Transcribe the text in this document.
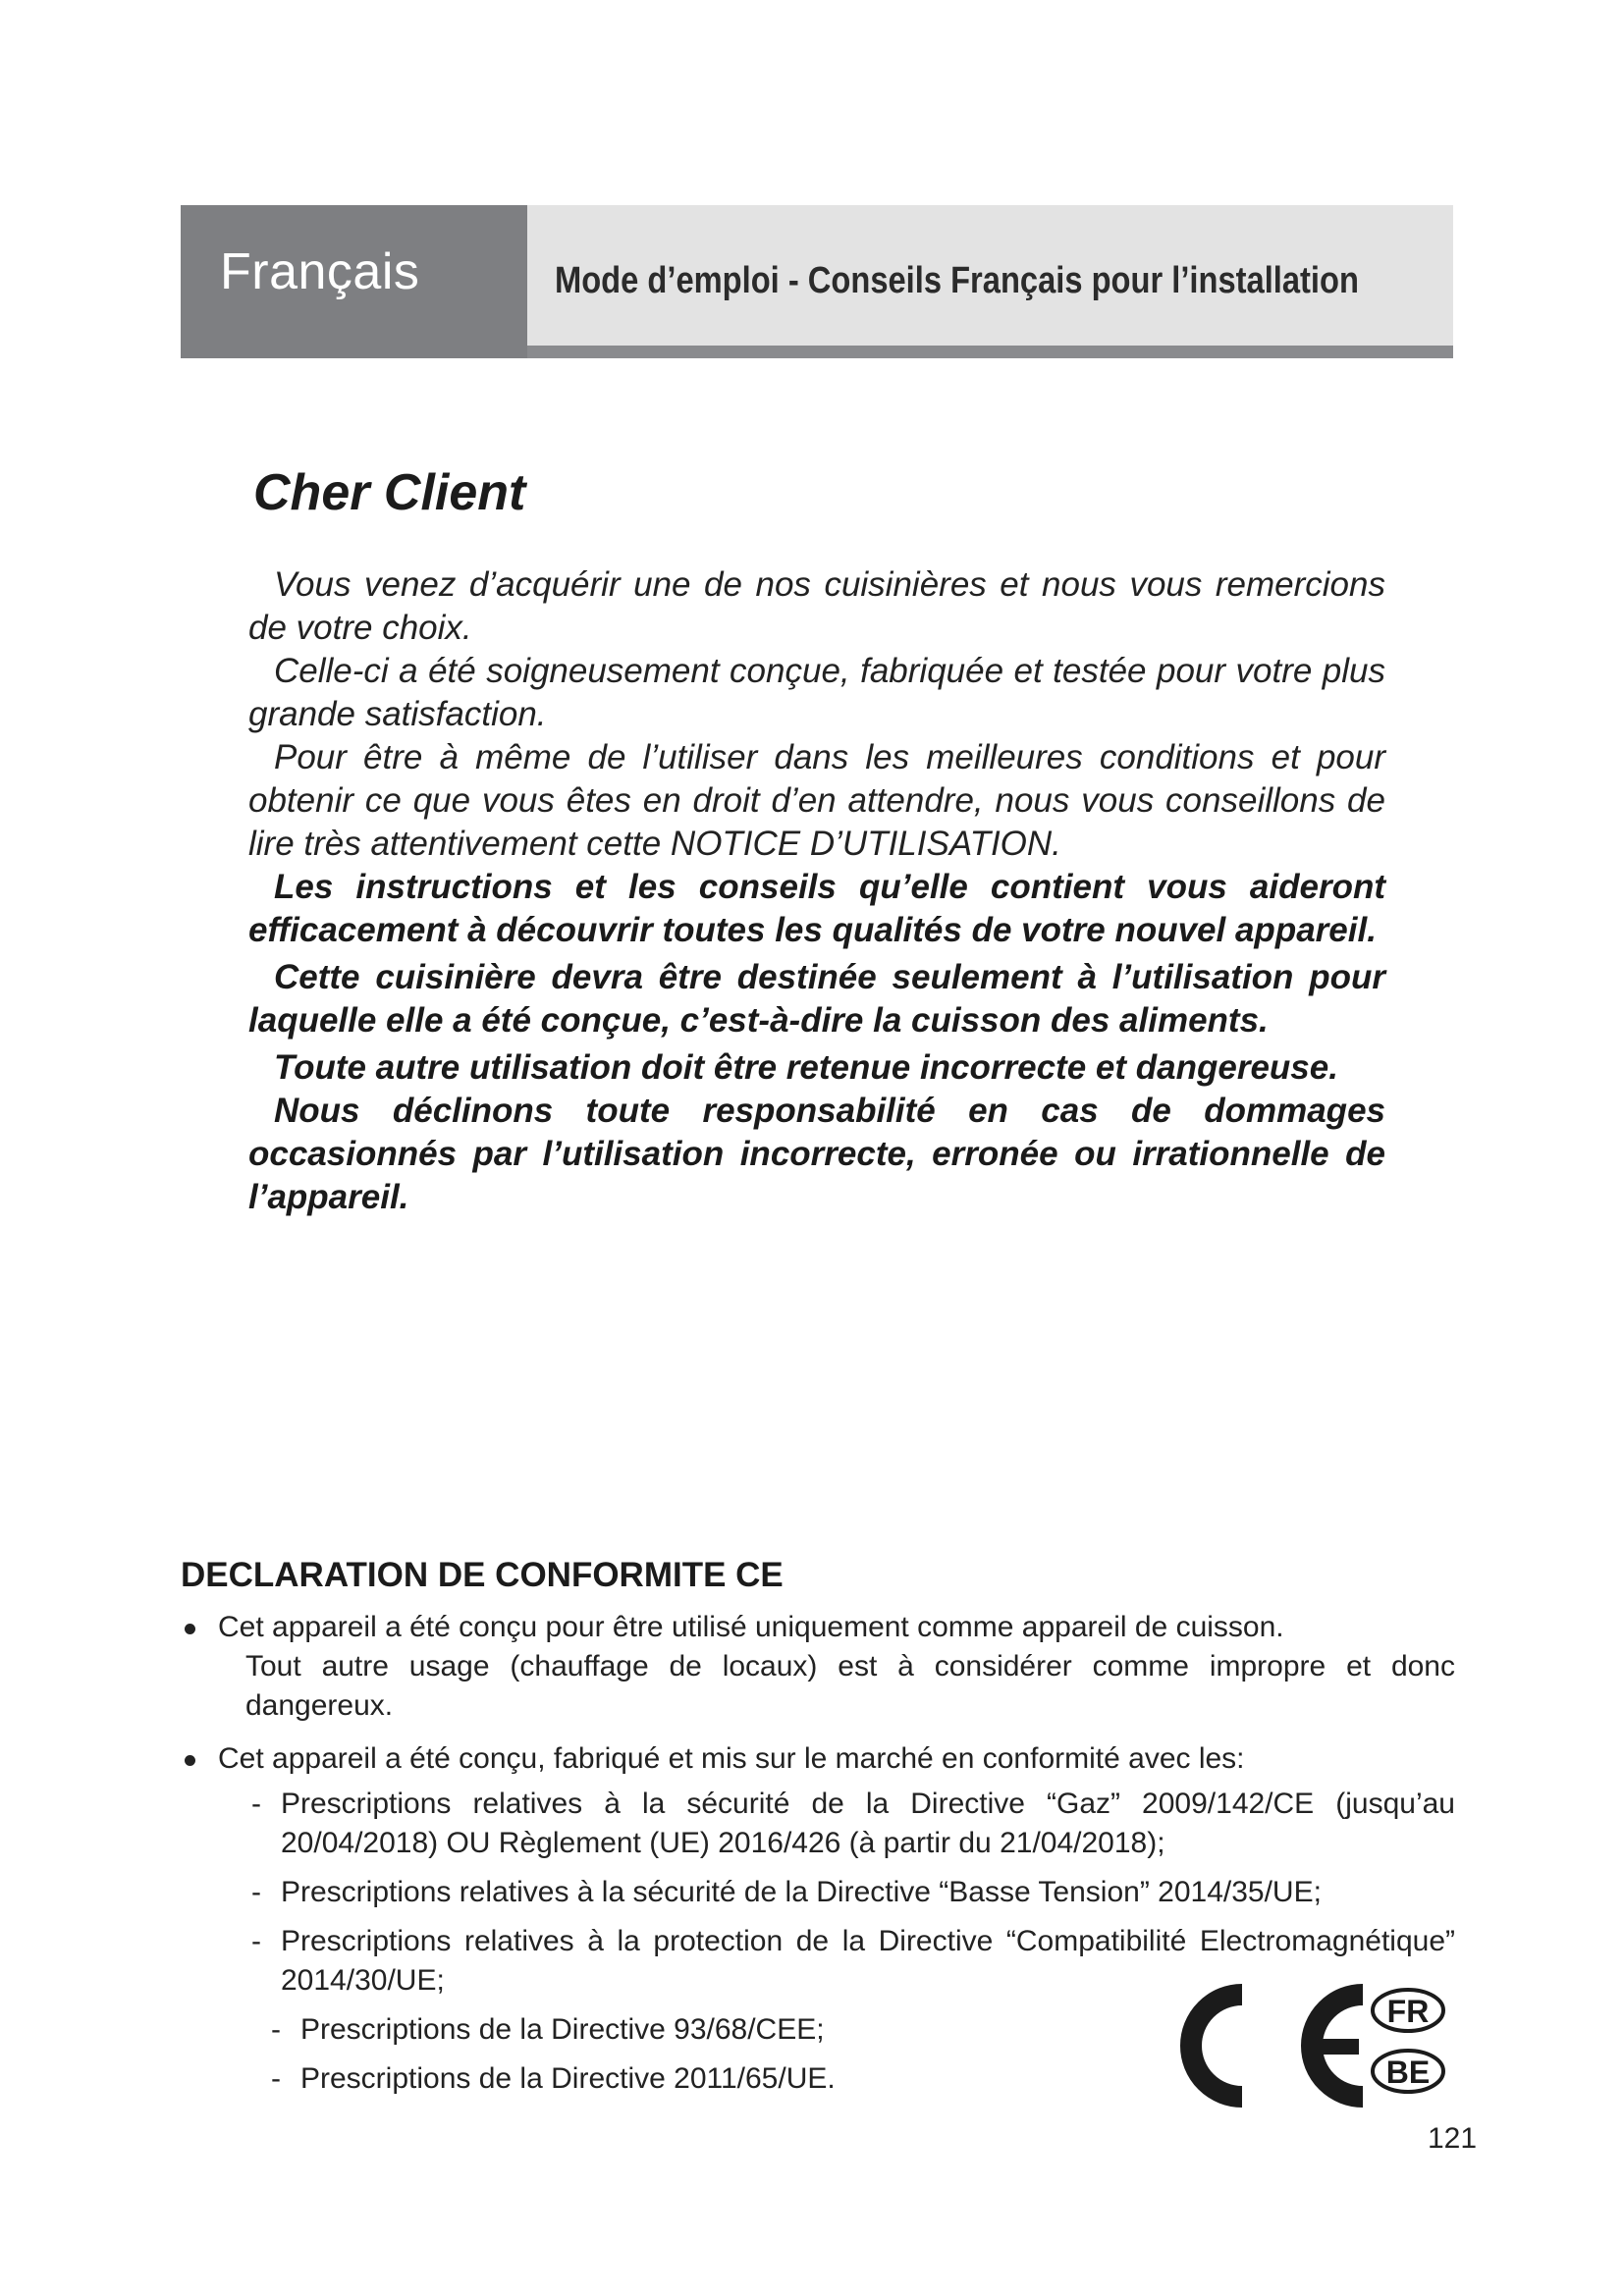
Français	Mode d’emploi - Conseils Français pour l’installation
Cher Client

Vous venez d’acquérir une de nos cuisinières et nous vous remercions de votre choix.

Celle-ci a été soigneusement conçue, fabriquée et testée pour votre plus grande satisfaction.

Pour être à même de l’utiliser dans les meilleures conditions et pour obtenir ce que vous êtes en droit d’en attendre, nous vous conseillons de lire très attentivement cette NOTICE D’UTILISATION.

Les instructions et les conseils qu’elle contient vous aideront efficacement à découvrir toutes les qualités de votre nouvel appareil.

Cette cuisinière devra être destinée seulement à l’utilisation pour laquelle elle a été conçue, c’est-à-dire la cuisson des aliments.

Toute autre utilisation doit être retenue incorrecte et dangereuse.

Nous déclinons toute responsabilité en cas de dommages occasionnés par l’utilisation incorrecte, erronée ou irrationnelle de l’appareil.

DECLARATION DE CONFORMITE CE
Cet appareil a été conçu pour être utilisé uniquement comme appareil de cuisson.

Tout autre usage (chauffage de locaux) est à considérer comme impropre et donc dangereux.

Cet appareil a été conçu, fabriqué et mis sur le marché en conformité avec les:
- Prescriptions relatives à la sécurité de la Directive “Gaz” 2009/142/CE (jusqu’au 20/04/2018) OU Règlement (UE) 2016/426 (à partir du 21/04/2018);
- Prescriptions relatives à la sécurité de la Directive “Basse Tension” 2014/35/UE;
- Prescriptions relatives à la protection de la Directive “Compatibilité Electromagnétique” 2014/30/UE;
- Prescriptions de la Directive 93/68/CEE;
- Prescriptions de la Directive 2011/65/UE.
FR
BE
121
